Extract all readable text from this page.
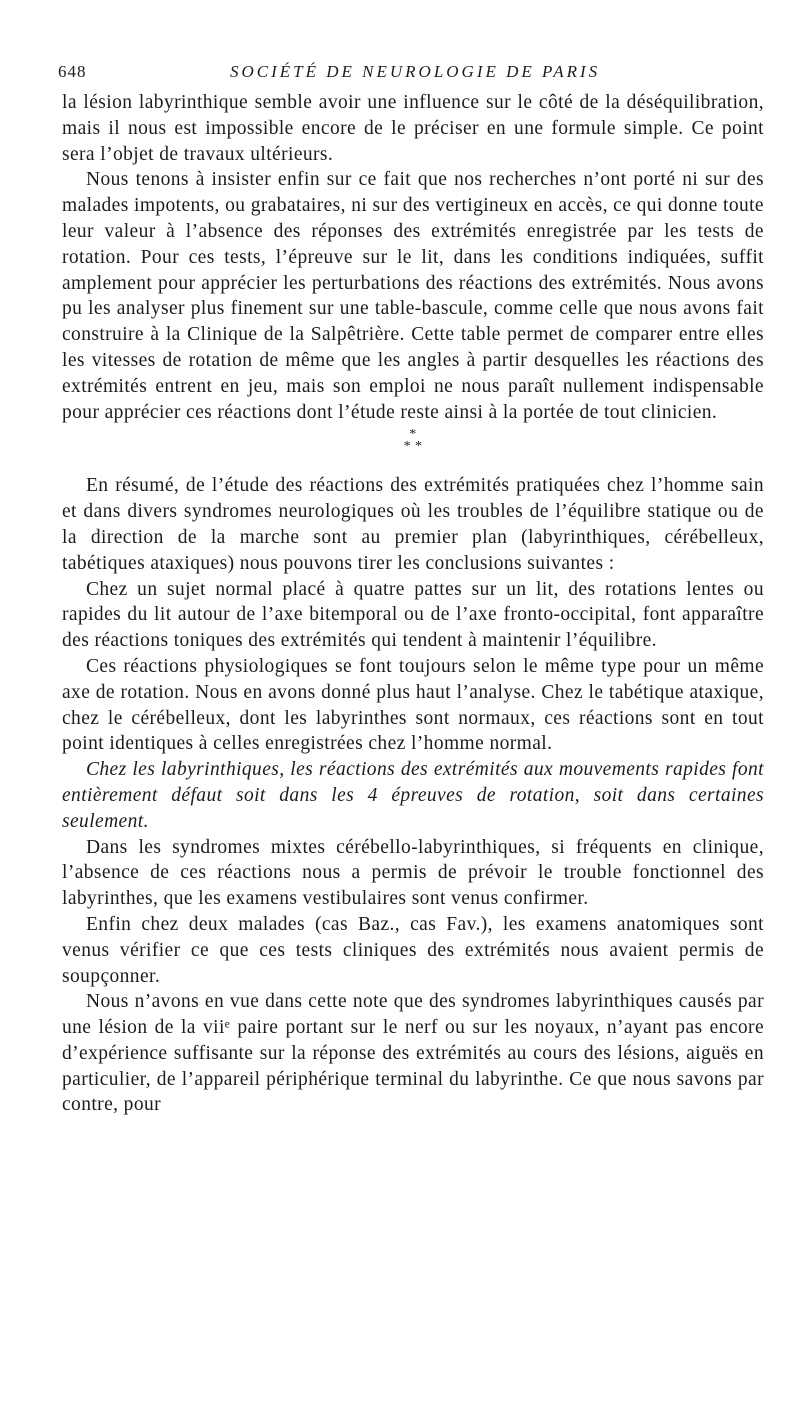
648	SOCIÉTÉ DE NEUROLOGIE DE PARIS

la lésion labyrinthique semble avoir une influence sur le côté de la déséquilibration, mais il nous est impossible encore de le préciser en une formule simple. Ce point sera l’objet de travaux ultérieurs.

Nous tenons à insister enfin sur ce fait que nos recherches n’ont porté ni sur des malades impotents, ou grabataires, ni sur des vertigineux en accès, ce qui donne toute leur valeur à l’absence des réponses des extrémités enregistrée par les tests de rotation. Pour ces tests, l’épreuve sur le lit, dans les conditions indiquées, suffit amplement pour apprécier les perturbations des réactions des extrémités. Nous avons pu les analyser plus finement sur une table-bascule, comme celle que nous avons fait construire à la Clinique de la Salpêtrière. Cette table permet de comparer entre elles les vitesses de rotation de même que les angles à partir desquelles les réactions des extrémités entrent en jeu, mais son emploi ne nous paraît nullement indispensable pour apprécier ces réactions dont l’étude reste ainsi à la portée de tout clinicien.

*
* *

En résumé, de l’étude des réactions des extrémités pratiquées chez l’homme sain et dans divers syndromes neurologiques où les troubles de l’équilibre statique ou de la direction de la marche sont au premier plan (labyrinthiques, cérébelleux, tabétiques ataxiques) nous pouvons tirer les conclusions suivantes :

Chez un sujet normal placé à quatre pattes sur un lit, des rotations lentes ou rapides du lit autour de l’axe bitemporal ou de l’axe fronto-occipital, font apparaître des réactions toniques des extrémités qui tendent à maintenir l’équilibre.

Ces réactions physiologiques se font toujours selon le même type pour un même axe de rotation. Nous en avons donné plus haut l’analyse. Chez le tabétique ataxique, chez le cérébelleux, dont les labyrinthes sont normaux, ces réactions sont en tout point identiques à celles enregistrées chez l’homme normal.

Chez les labyrinthiques, les réactions des extrémités aux mouvements rapides font entièrement défaut soit dans les 4 épreuves de rotation, soit dans certaines seulement.

Dans les syndromes mixtes cérébello-labyrinthiques, si fréquents en clinique, l’absence de ces réactions nous a permis de prévoir le trouble fonctionnel des labyrinthes, que les examens vestibulaires sont venus confirmer.

Enfin chez deux malades (cas Baz., cas Fav.), les examens anatomiques sont venus vérifier ce que ces tests cliniques des extrémités nous avaient permis de soupçonner.

Nous n’avons en vue dans cette note que des syndromes labyrinthiques causés par une lésion de la viiᵉ paire portant sur le nerf ou sur les noyaux, n’ayant pas encore d’expérience suffisante sur la réponse des extrémités au cours des lésions, aiguës en particulier, de l’appareil périphérique terminal du labyrinthe. Ce que nous savons par contre, pour
